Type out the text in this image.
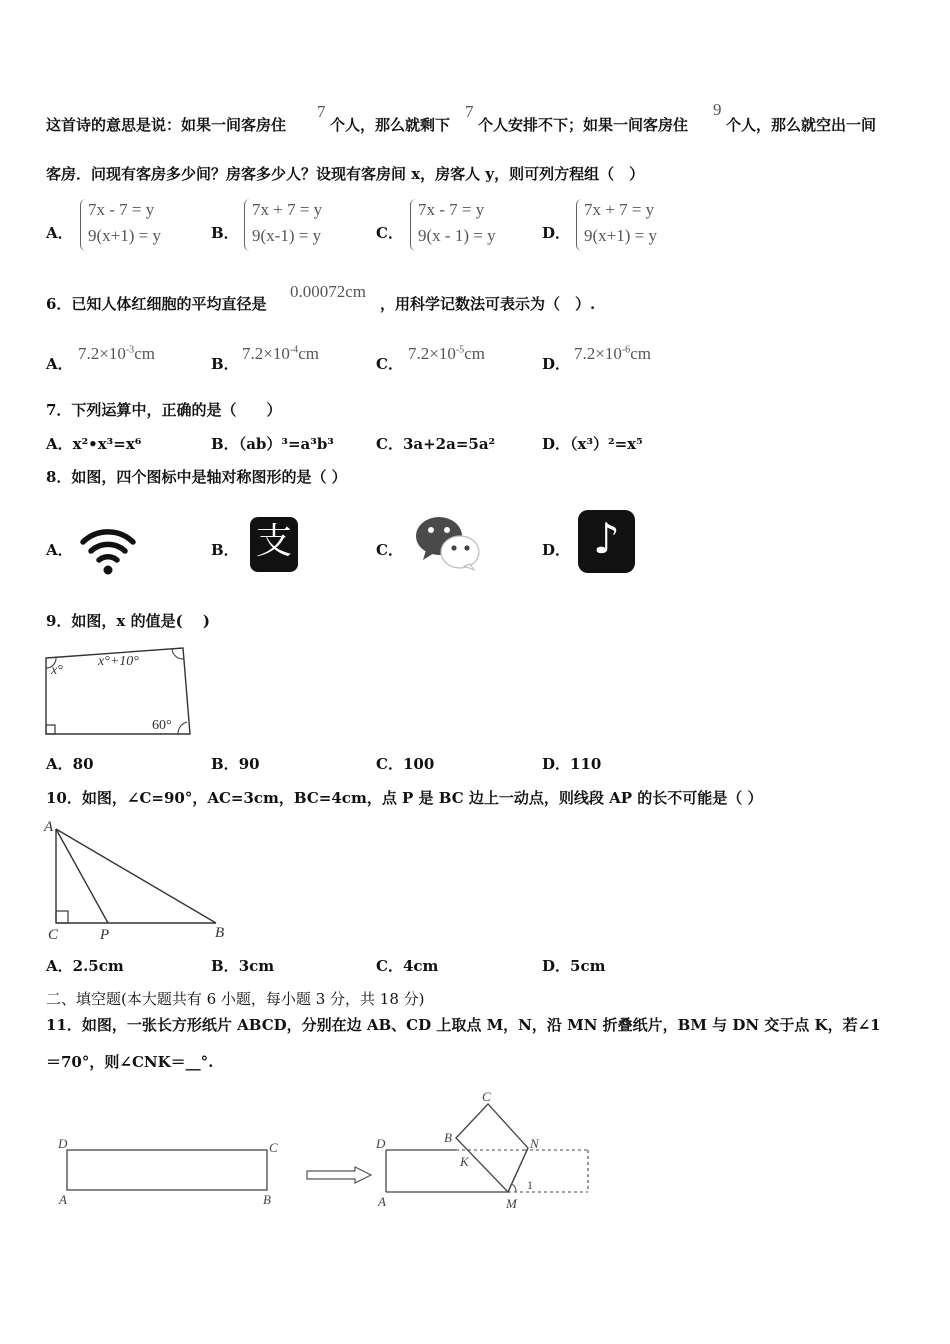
这首诗的意思是说：如果一间客房住
7
个人，那么就剩下
7
个人安排不下；如果一间客房住
9
个人，那么就空出一间
客房．问现有客房多少间？房客多少人？设现有客房间 x，房客人 y，则可列方程组（　）
A．
7x - 7 = y
9(x+1) = y	B．
7x + 7 = y
9(x-1) = y	C．
7x - 7 = y
9(x - 1) = y	D．
7x + 7 = y
9(x+1) = y
6．已知人体红细胞的平均直径是
0.00072cm
，用科学记数法可表示为（　）.
A．
$7.2\times 10^{-3}cm$
B．
$7.2\times 10^{-4}cm$
C．
$7.2\times 10^{-5}cm$
D．
$7.2\times 10^{-6}cm$
7．下列运算中，正确的是（　　）
A．x²•x³=x⁶	B．（ab）³=a³b³	C．3a+2a=5a²	D．（x³）²=x⁵
8．如图，四个图标中是轴对称图形的是（ ）
A．	B． 支	C．	D． ♪
9．如图，x 的值是(　 )
x°
x°+10°
60°
A．80	B．90	C．100	D．110
10．如图，∠C=90°，AC=3cm，BC=4cm，点 P 是 BC 边上一动点，则线段 AP 的长不可能是（ ）
A
C	P	B
A．2.5cm	B．3cm	C．4cm	D．5cm
二、填空题(本大题共有 6 小题，每小题 3 分，共 18 分)
11．如图，一张长方形纸片 ABCD，分别在边 AB、CD 上取点 M，N，沿 MN 折叠纸片，BM 与 DN 交于点 K，若∠1
＝70°，则∠CNK＝__°.
D	C
A	B
C
B
D	N
K
A	M
1
